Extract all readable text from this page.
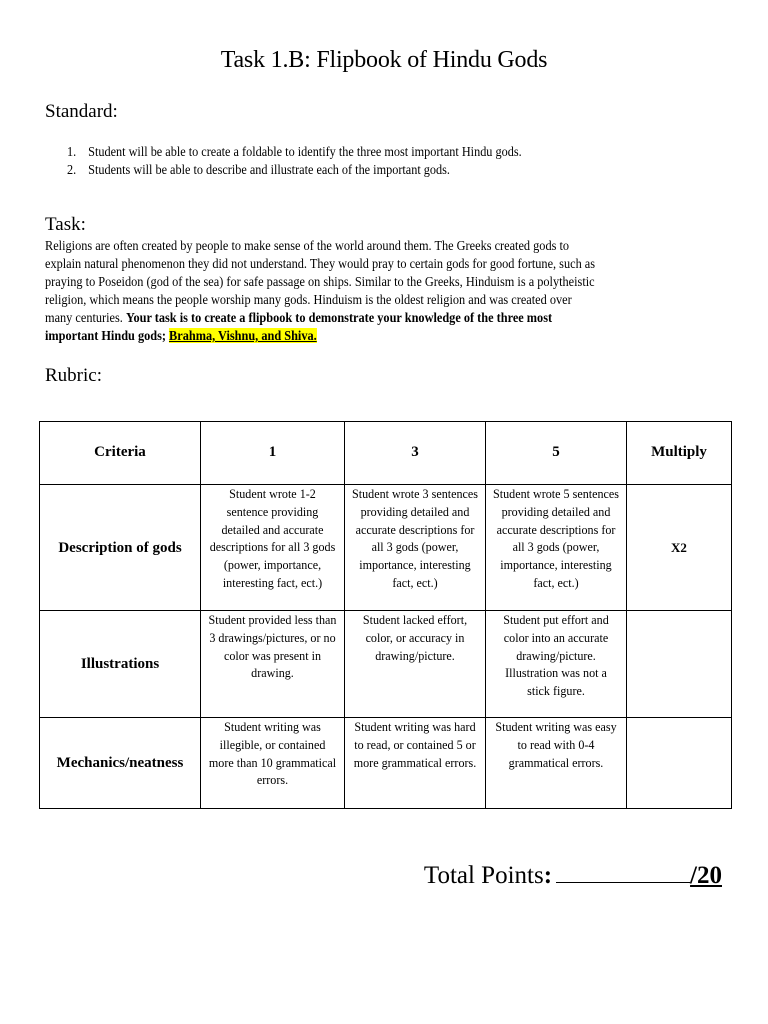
Task 1.B: Flipbook of Hindu Gods
Standard:
1. Student will be able to create a foldable to identify the three most important Hindu gods.
2. Students will be able to describe and illustrate each of the important gods.
Task:

Religions are often created by people to make sense of the world around them. The Greeks created gods to

explain natural phenomenon they did not understand. They would pray to certain gods for good fortune, such as

praying to Poseidon (god of the sea) for safe passage on ships. Similar to the Greeks, Hinduism is a polytheistic

religion, which means the people worship many gods. Hinduism is the oldest religion and was created over

many centuries. Your task is to create a flipbook to demonstrate your knowledge of the three most

important Hindu gods; Brahma, Vishnu, and Shiva.

Rubric:
Criteria	1	3	5	Multiply
Description of gods	Student wrote 1-2 sentence providing detailed and accurate descriptions for all 3 gods (power, importance, interesting fact, ect.)	Student wrote 3 sentences providing detailed and accurate descriptions for all 3 gods (power, importance, interesting fact, ect.)	Student wrote 5 sentences providing detailed and accurate descriptions for all 3 gods (power, importance, interesting fact, ect.)	X2
Illustrations	Student provided less than 3 drawings/pictures, or no color was present in drawing.	Student lacked effort, color, or accuracy in drawing/picture.	Student put effort and color into an accurate drawing/picture. Illustration was not a stick figure.	

Mechanics/neatness	Student writing was illegible, or contained more than 10 grammatical errors.	Student writing was hard to read, or contained 5 or more grammatical errors.	Student writing was easy to read with 0-4 grammatical errors.	

Total Points:	/20
